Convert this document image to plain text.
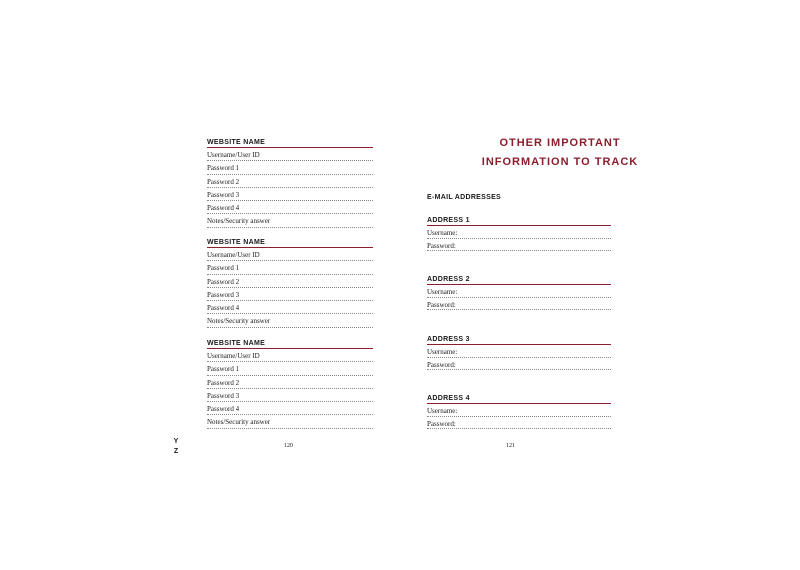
WEBSITE NAME
Username/User ID
Password 1
Password 2
Password 3
Password 4
Notes/Security answer
WEBSITE NAME
Username/User ID
Password 1
Password 2
Password 3
Password 4
Notes/Security answer
WEBSITE NAME
Username/User ID
Password 1
Password 2
Password 3
Password 4
Notes/Security answer
Y
Z
120
OTHER IMPORTANT
INFORMATION TO TRACK
E-MAIL ADDRESSES
ADDRESS 1
Username:
Password:
ADDRESS 2
Username:
Password:
ADDRESS 3
Username:
Password:
ADDRESS 4
Username:
Password:
121
